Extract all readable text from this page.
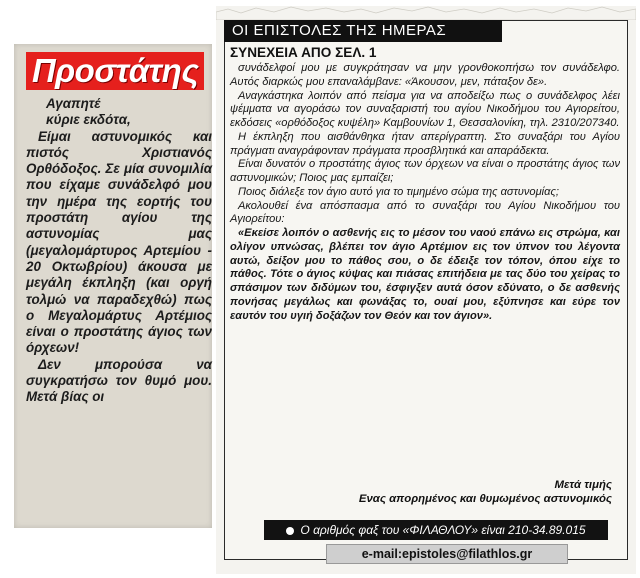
Προστάτης

Αγαπητέ

κύριε εκδότα,

Είμαι αστυνομικός και πιστός Χριστιανός Ορθόδοξος. Σε μία συνομιλία που είχαμε συνάδελφό μου την ημέρα της εορτής του προστάτη αγίου της αστυνομίας μας (μεγαλομάρτυρος Αρτεμίου - 20 Οκτωβρίου) άκουσα με μεγάλη έκπληξη (και οργή τολμώ να παραδεχθώ) πως ο Μεγαλομάρτυς Αρτέμιος είναι ο προστάτης άγιος των όρχεων!

Δεν μπορούσα να συγκρατήσω τον θυμό μου. Μετά βίας οι

ΟΙ ΕΠΙΣΤΟΛΕΣ ΤΗΣ ΗΜΕΡΑΣ
ΣΥΝΕΧΕΙΑ ΑΠΟ ΣΕΛ. 1

συνάδελφοί μου με συγκράτησαν να μην γρονθοκοπήσω τον συνάδελφο. Αυτός διαρκώς μου επαναλάμβανε: «Άκουσον, μεν, πάταξον δε».

Αναγκάστηκα λοιπόν από πείσμα για να αποδείξω πως ο συνάδελφος λέει ψέμματα να αγοράσω τον συναξαριστή του αγίου Νικοδήμου του Αγιορείτου, εκδόσεις «ορθόδοξος κυψέλη» Καμβουνίων 1, Θεσσαλονίκη, τηλ. 2310/207340.

Η έκπληξη που αισθάνθηκα ήταν απερίγραπτη. Στο συναξάρι του Αγίου πράγματι αναγράφονταν πράγματα προσβλητικά και απαράδεκτα.

Είναι δυνατόν ο προστάτης άγιος των όρχεων να είναι ο προστάτης άγιος των αστυνομικών; Ποιος μας εμπαίζει;

Ποιος διάλεξε τον άγιο αυτό για το τιμημένο σώμα της αστυνομίας;

Ακολουθεί ένα απόσπασμα από το συναξάρι του Αγίου Νικοδήμου του Αγιορείτου:

«Εκείσε λοιπόν ο ασθενής εις το μέσον του ναού επάνω εις στρώμα, και ολίγον υπνώσας, βλέπει τον άγιο Αρτέμιον εις τον ύπνον του λέγοντα αυτώ, δείξον μου το πάθος σου, ο δε έδειξε τον τόπον, όπου είχε το πάθος. Τότε ο άγιος κύψας και πιάσας επιτήδεια με τας δύο του χείρας το σπάσιμον των διδύμων του, έσφιγξεν αυτά όσον εδύνατο, ο δε ασθενής πονήσας μεγάλως και φωνάξας το, ουαί μου, εξύπνησε και εύρε τον εαυτόν του υγιή δοξάζων τον Θεόν και τον άγιον».

Μετά τιμής
Ενας απορημένος και θυμωμένος αστυνομικός
Ο αριθμός φαξ του «ΦΙΛΑΘΛΟΥ» είναι 210-34.89.015
e-mail:epistoles@filathlos.gr
